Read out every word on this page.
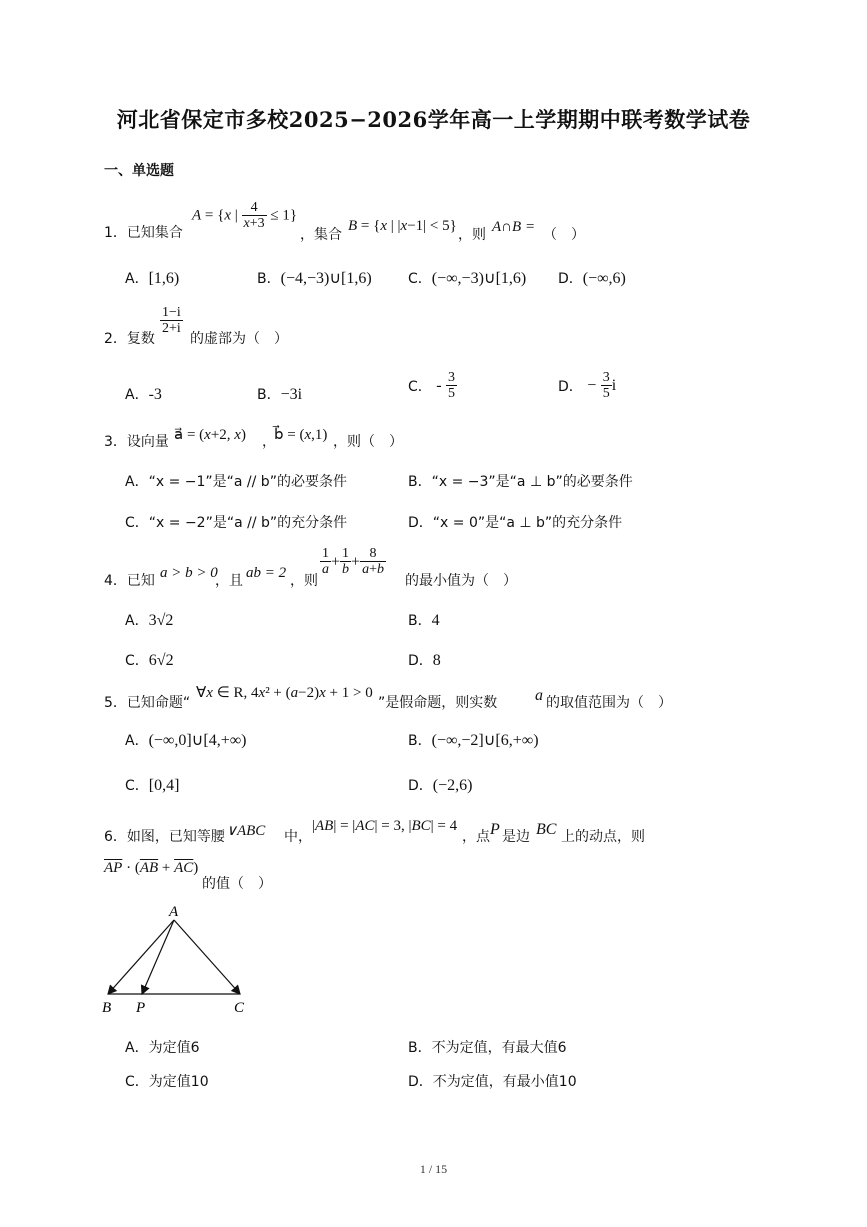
河北省保定市多校2025−2026学年高一上学期期中联考数学试卷
一、单选题
1．已知集合
A = {x | $\frac{4}{x+3} \le 1$}
，集合
B = {x | |x−1| < 5}
，则 A∩B = （　）
A．[1,6)	B．(−4,−3)∪[1,6)	C．(−∞,−3)∪[1,6) D．(−∞,6)
2．复数
$\frac{1-i}{2+i}$
的虚部为（　）
A．-3	B．−3i	C． - $\frac{3}{5}$	D． − $\frac{3}{5}$ i
3．设向量 a⃗ = (x+2, x) ，
b⃗ = (x,1) ，则（　）
A．“x = −1”是“a // b”的必要条件	B．“x = −3”是“a ⊥ b”的必要条件
C．“x = −2”是“a // b”的充分条件	D．“x = 0”是“a ⊥ b”的充分条件
4．已知 a > b > 0
，且 ab = 2 ，则
$\frac{1}{a} + \frac{1}{b} + \frac{8}{a+b}$
的最小值为（　）
A．3√2	B．4
C．6√2	D．8
5．已知命题“
∀x ∈ R, 4x² + (a−2)x + 1 > 0
”是假命题，则实数 a 的取值范围为（　）
A．(−∞,0]∪[4,+∞)	B．(−∞,−2]∪[6,+∞)
C．[0,4]	D．(−2,6)
6．如图，已知等腰 ∨ABC 中，
|AB| = |AC| = 3, |BC| = 4
，点 P 是边 BC 上的动点，则
$\overline{AP} \cdot (\overline{AB} + \overline{AC})$
的值（　）
A
B P	C
A．为定值6	B．不为定值，有最大值6
C．为定值10	D．不为定值，有最小值10
1 / 15
